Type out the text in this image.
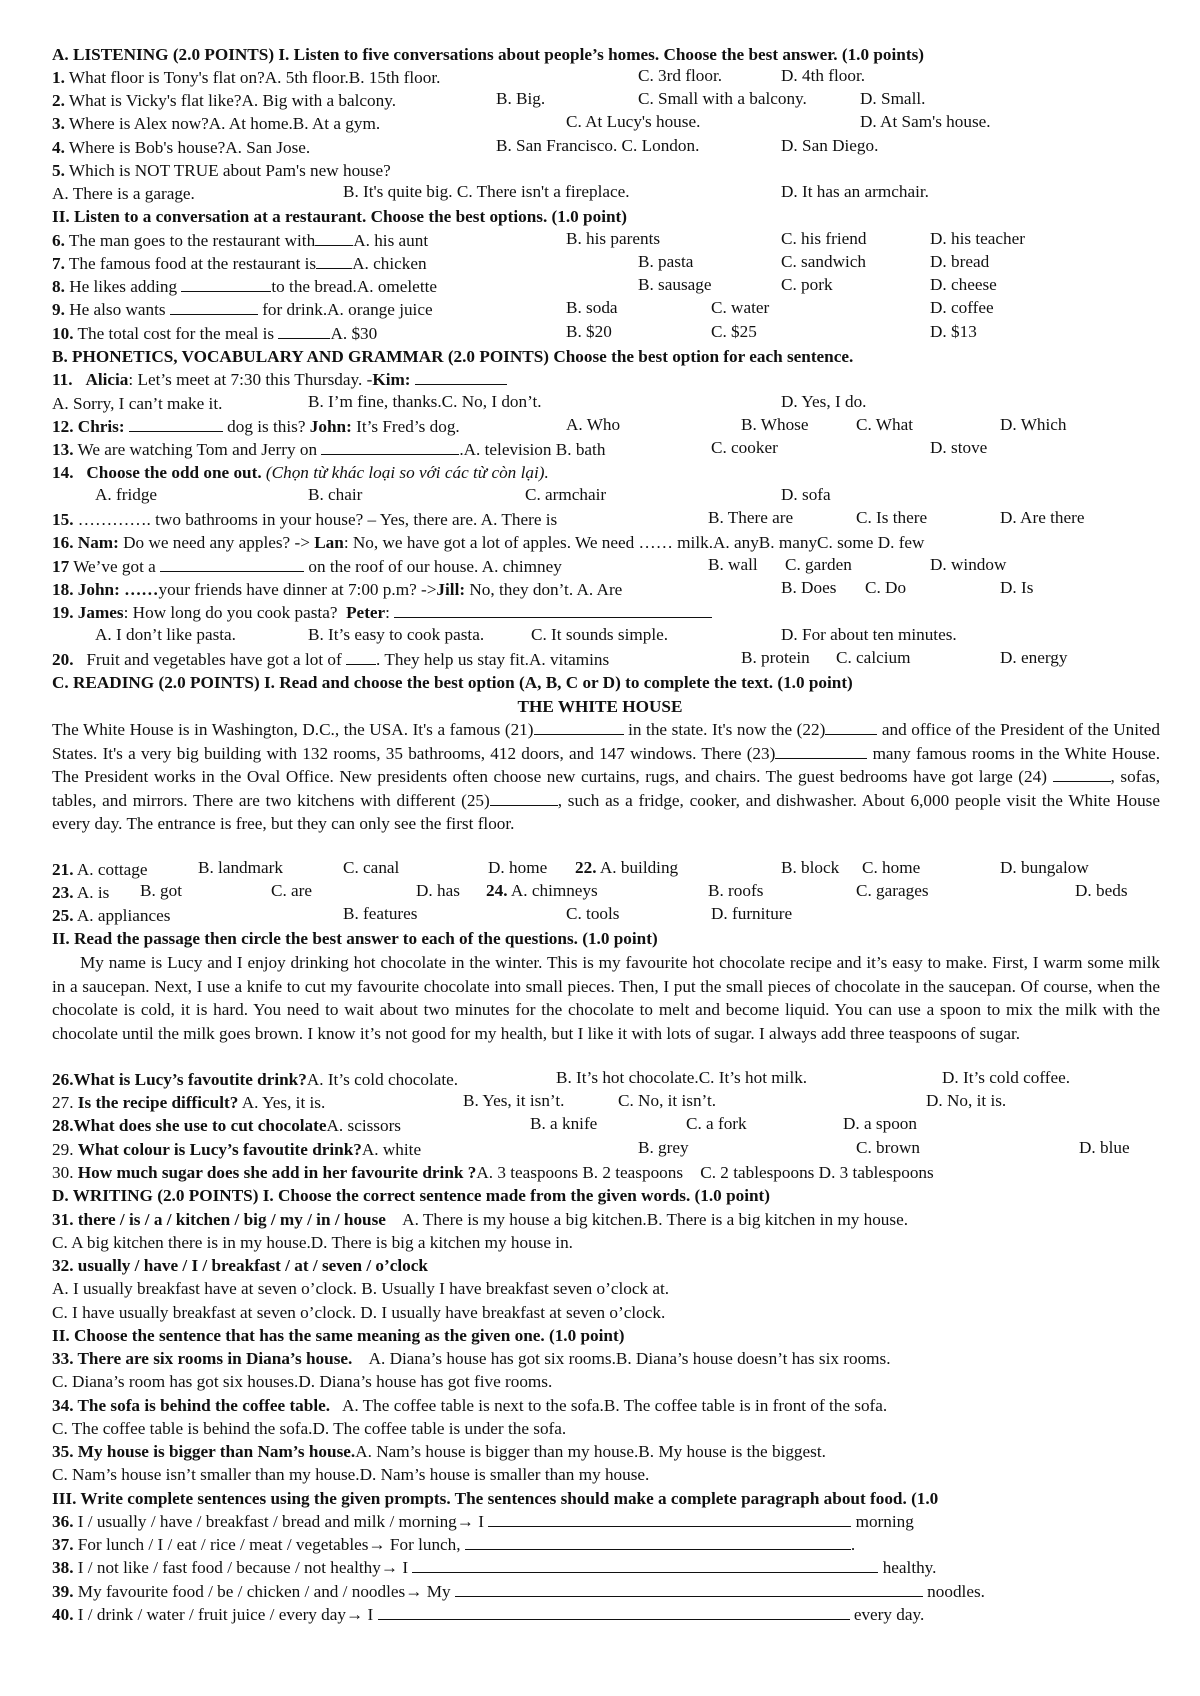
A. LISTENING (2.0 POINTS) I. Listen to five conversations about people’s homes. Choose the best answer. (1.0 points)
1. What floor is Tony's flat on?A. 5th floor.B. 15th floor.	C. 3rd floor.	D. 4th floor.
2. What is Vicky's flat like?A. Big with a balcony.	B. Big.	C. Small with a balcony.	D. Small.
3. Where is Alex now?A. At home.B. At a gym.	C. At Lucy's house.	D. At Sam's house.
4. Where is Bob's house?A. San Jose.	B. San Francisco. C. London.	D. San Diego.
5. Which is NOT TRUE about Pam's new house?
A. There is a garage.	B. It's quite big. C. There isn't a fireplace.	D. It has an armchair.
II. Listen to a conversation at a restaurant. Choose the best options. (1.0 point)
6. The man goes to the restaurant with A. his aunt	B. his parents	C. his friend	D. his teacher
7. The famous food at the restaurant is A. chicken	B. pasta	C. sandwich	D. bread
8. He likes adding	to the bread.A. omelette	B. sausage	C. pork	D. cheese
9. He also wants	for drink.A. orange juice	B. soda	C. water	D. coffee
10. The total cost for the meal is	A. $30	B. $20	C. $25	D. $13
B. PHONETICS, VOCABULARY AND GRAMMAR (2.0 POINTS) Choose the best option for each sentence.
11. Alicia: Let’s meet at 7:30 this Thursday. -Kim:
A. Sorry, I can’t make it.	B. I’m fine, thanks.C. No, I don’t.	D. Yes, I do.
12. Chris:	dog is this? John: It’s Fred’s dog.	A. Who	B. Whose	C. What	D. Which
13. We are watching Tom and Jerry on	.A. television B. bath	C. cooker	D. stove
14. Choose the odd one out. (Chọn từ khác loại so với các từ còn lại).
A. fridge	B. chair	C. armchair	D. sofa
15. …………. two bathrooms in your house? – Yes, there are. A. There is	B. There are	C. Is there	D. Are there
16. Nam: Do we need any apples? -> Lan: No, we have got a lot of apples. We need …… milk.A. anyB. manyC. some D. few
17 We’ve got a	on the roof of our house. A. chimney	B. wall C. garden	D. window
18. John: ……your friends have dinner at 7:00 p.m? ->Jill: No, they don’t. A. Are	B. Does C. Do	D. Is
19. James: How long do you cook pasta? Peter:
A. I don’t like pasta.	B. It’s easy to cook pasta.	C. It sounds simple.	D. For about ten minutes.
20. Fruit and vegetables have got a lot of . They help us stay fit.A. vitamins	B. protein C. calcium	D. energy
C. READING (2.0 POINTS) I. Read and choose the best option (A, B, C or D) to complete the text. (1.0 point)
THE WHITE HOUSE
The White House is in Washington, D.C., the USA. It's a famous (21)	in the state. It's now the (22)	and office of the President of the United States. It's a very big building with 132 rooms, 35 bathrooms, 412 doors, and 147 windows. There (23)	many famous rooms in the White House. The President works in the Oval Office. New presidents often choose new curtains, rugs, and chairs. The guest bedrooms have got large (24)	, sofas, tables, and mirrors. There are two kitchens with different (25)	, such as a fridge, cooker, and dishwasher. About 6,000 people visit the White House every day. The entrance is free, but they can only see the first floor.
21. A. cottage	B. landmark	C. canal	D. home 22. A. building	B. block C. home	D. bungalow
23. A. is B. got	C. are	D. has 24. A. chimneys	B. roofs	C. garages	D. beds
25. A. appliances	B. features	C. tools	D. furniture
II. Read the passage then circle the best answer to each of the questions. (1.0 point)
My name is Lucy and I enjoy drinking hot chocolate in the winter. This is my favourite hot chocolate recipe and it’s easy to make. First, I warm some milk in a saucepan. Next, I use a knife to cut my favourite chocolate into small pieces. Then, I put the small pieces of chocolate in the saucepan. Of course, when the chocolate is cold, it is hard. You need to wait about two minutes for the chocolate to melt and become liquid. You can use a spoon to mix the milk with the chocolate until the milk goes brown. I know it’s not good for my health, but I like it with lots of sugar. I always add three teaspoons of sugar.
26.What is Lucy’s favoutite drink?A. It’s cold chocolate.	B. It’s hot chocolate.C. It’s hot milk.	D. It’s cold coffee.
27. Is the recipe difficult? A. Yes, it is.	B. Yes, it isn’t.	C. No, it isn’t.	D. No, it is.
28.What does she use to cut chocolateA. scissors	B. a knife	C. a fork	D. a spoon
29. What colour is Lucy’s favoutite drink?A. white	B. grey	C. brown	D. blue
30. How much sugar does she add in her favourite drink ?A. 3 teaspoons B. 2 teaspoons C. 2 tablespoons D. 3 tablespoons
D. WRITING (2.0 POINTS) I. Choose the correct sentence made from the given words. (1.0 point)
31. there / is / a / kitchen / big / my / in / house A. There is my house a big kitchen.B. There is a big kitchen in my house.
C. A big kitchen there is in my house.D. There is big a kitchen my house in.
32. usually / have / I / breakfast / at / seven / o’clock
A. I usually breakfast have at seven o’clock. B. Usually I have breakfast seven o’clock at.
C. I have usually breakfast at seven o’clock. D. I usually have breakfast at seven o’clock.
II. Choose the sentence that has the same meaning as the given one. (1.0 point)
33. There are six rooms in Diana’s house. A. Diana’s house has got six rooms.B. Diana’s house doesn’t has six rooms.
C. Diana’s room has got six houses.D. Diana’s house has got five rooms.
34. The sofa is behind the coffee table. A. The coffee table is next to the sofa.B. The coffee table is in front of the sofa.
C. The coffee table is behind the sofa.D. The coffee table is under the sofa.
35. My house is bigger than Nam’s house.A. Nam’s house is bigger than my house.B. My house is the biggest.
C. Nam’s house isn’t smaller than my house.D. Nam’s house is smaller than my house.
III. Write complete sentences using the given prompts. The sentences should make a complete paragraph about food. (1.0
36. I / usually / have / breakfast / bread and milk / morning→ I	morning
37. For lunch / I / eat / rice / meat / vegetables→ For lunch,	.
38. I / not like / fast food / because / not healthy→ I	healthy.
39. My favourite food / be / chicken / and / noodles→ My	noodles.
40. I / drink / water / fruit juice / every day→ I	every day.
